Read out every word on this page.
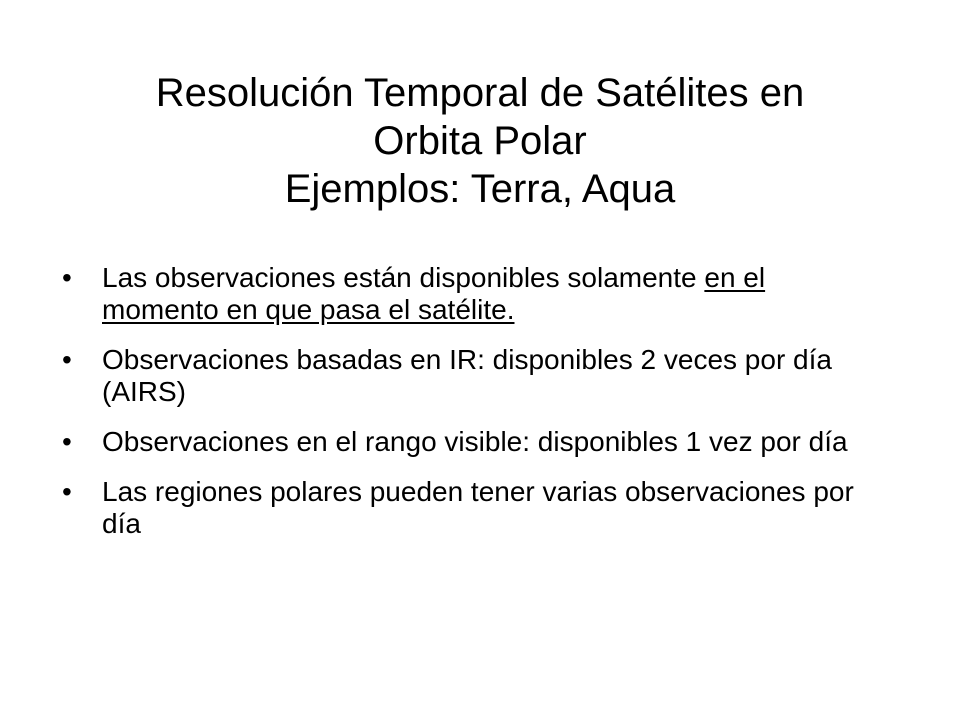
Resolución Temporal de Satélites en
Orbita Polar
Ejemplos: Terra, Aqua
• Las observaciones están disponibles solamente en el momento en que pasa el satélite.
• Observaciones basadas en IR: disponibles 2 veces por día (AIRS)
• Observaciones en el rango visible: disponibles 1 vez por día
• Las regiones polares pueden tener varias observaciones por día
